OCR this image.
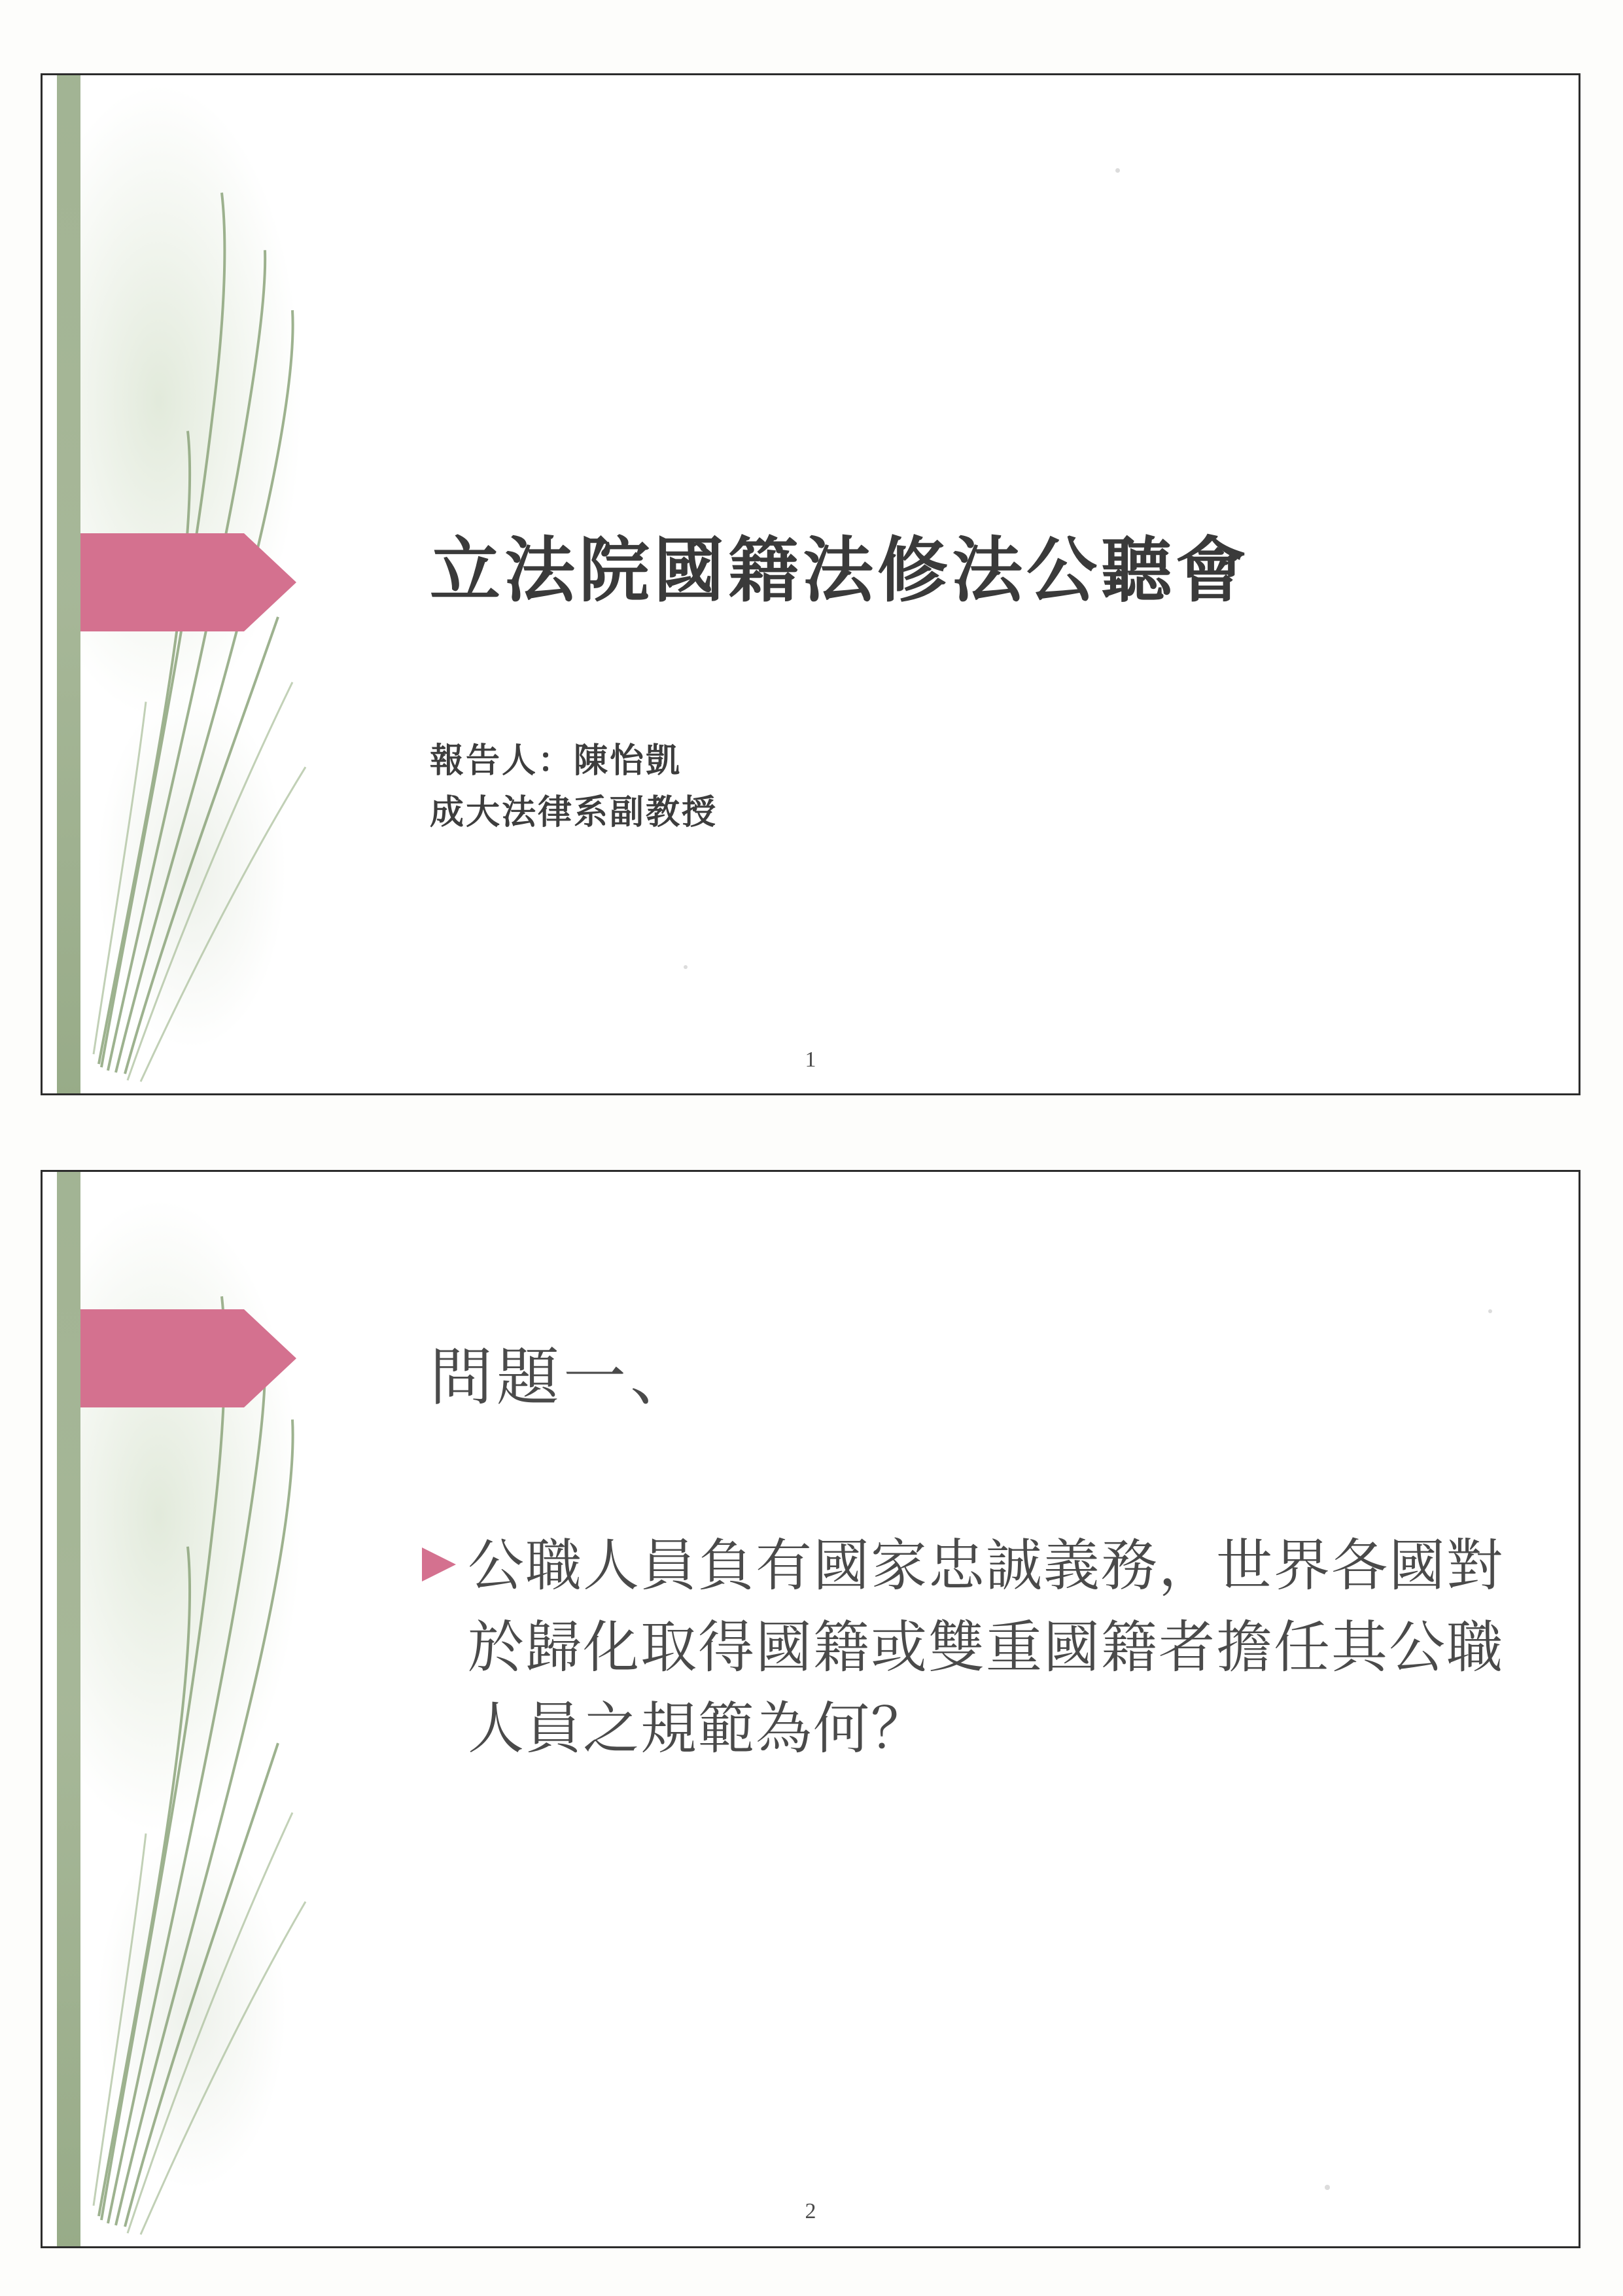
立法院國籍法修法公聽會
報告人：陳怡凱
成大法律系副教授
1
問題一、
公職人員負有國家忠誠義務，世界各國對於歸化取得國籍或雙重國籍者擔任其公職人員之規範為何？
2
